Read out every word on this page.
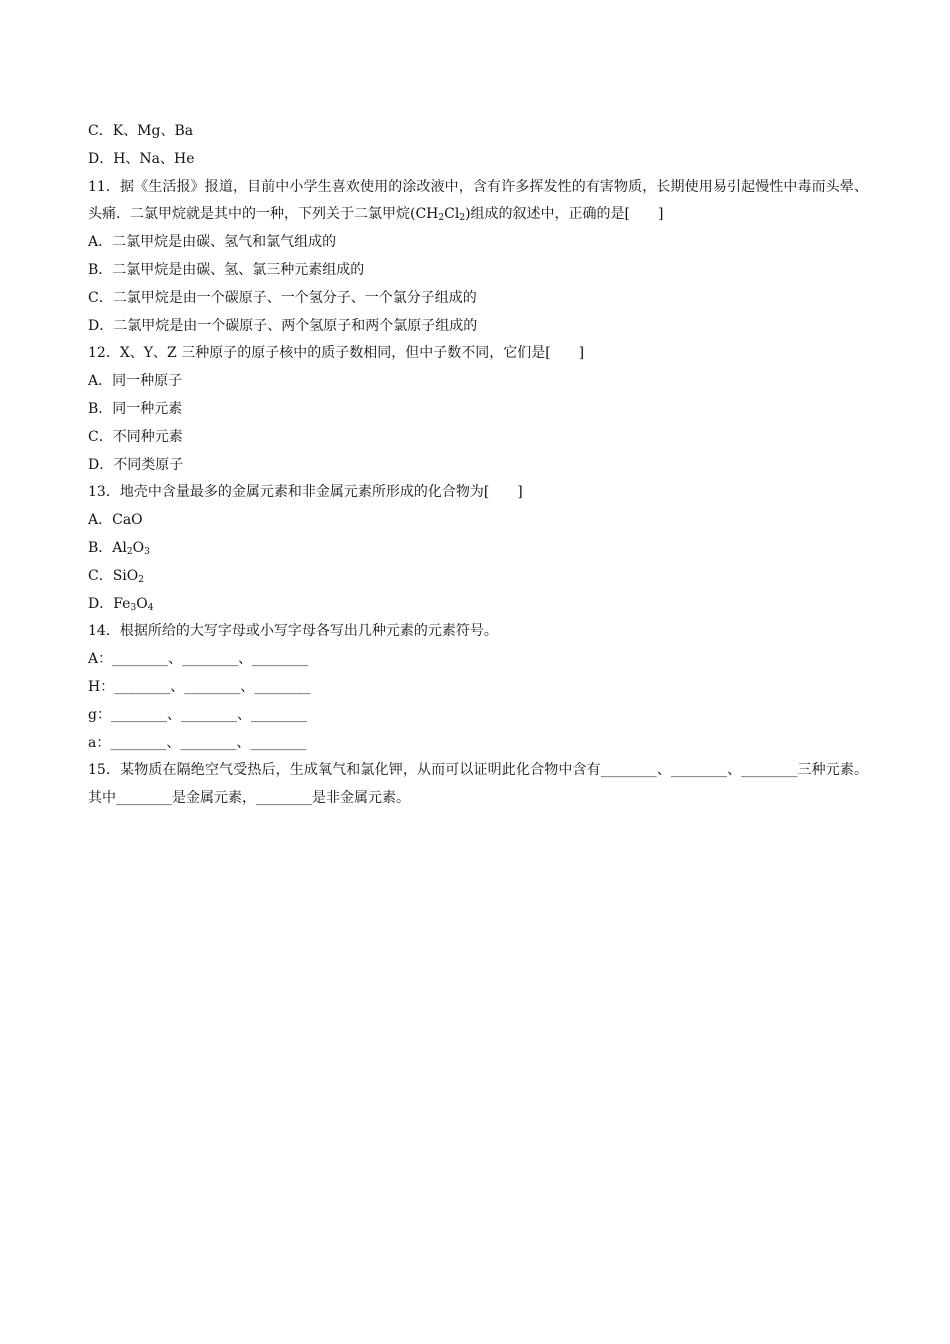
C．K、Mg、Ba
D．H、Na、He
11．据《生活报》报道，目前中小学生喜欢使用的涂改液中，含有许多挥发性的有害物质，长期使用易引起慢性中毒而头晕、头痛．二氯甲烷就是其中的一种，下列关于二氯甲烷$(CH_2Cl_2)$组成的叙述中，正确的是[　　]
A．二氯甲烷是由碳、氢气和氯气组成的
B．二氯甲烷是由碳、氢、氯三种元素组成的
C．二氯甲烷是由一个碳原子、一个氢分子、一个氯分子组成的
D．二氯甲烷是由一个碳原子、两个氢原子和两个氯原子组成的
12．X、Y、Z 三种原子的原子核中的质子数相同，但中子数不同，它们是[　　]
A．同一种原子
B．同一种元素
C．不同种元素
D．不同类原子
13．地壳中含量最多的金属元素和非金属元素所形成的化合物为[　　]
A．CaO
B．$Al_2O_3$
C．SiO$_2$
D．$Fe_3O_4$
14．根据所给的大写字母或小写字母各写出几种元素的元素符号。
A：________、________、________
H：________、________、________
g：________、________、________
a：________、________、________
15．某物质在隔绝空气受热后，生成氧气和氯化钾，从而可以证明此化合物中含有________、________、________三种元素。其中________是金属元素，________是非金属元素。
